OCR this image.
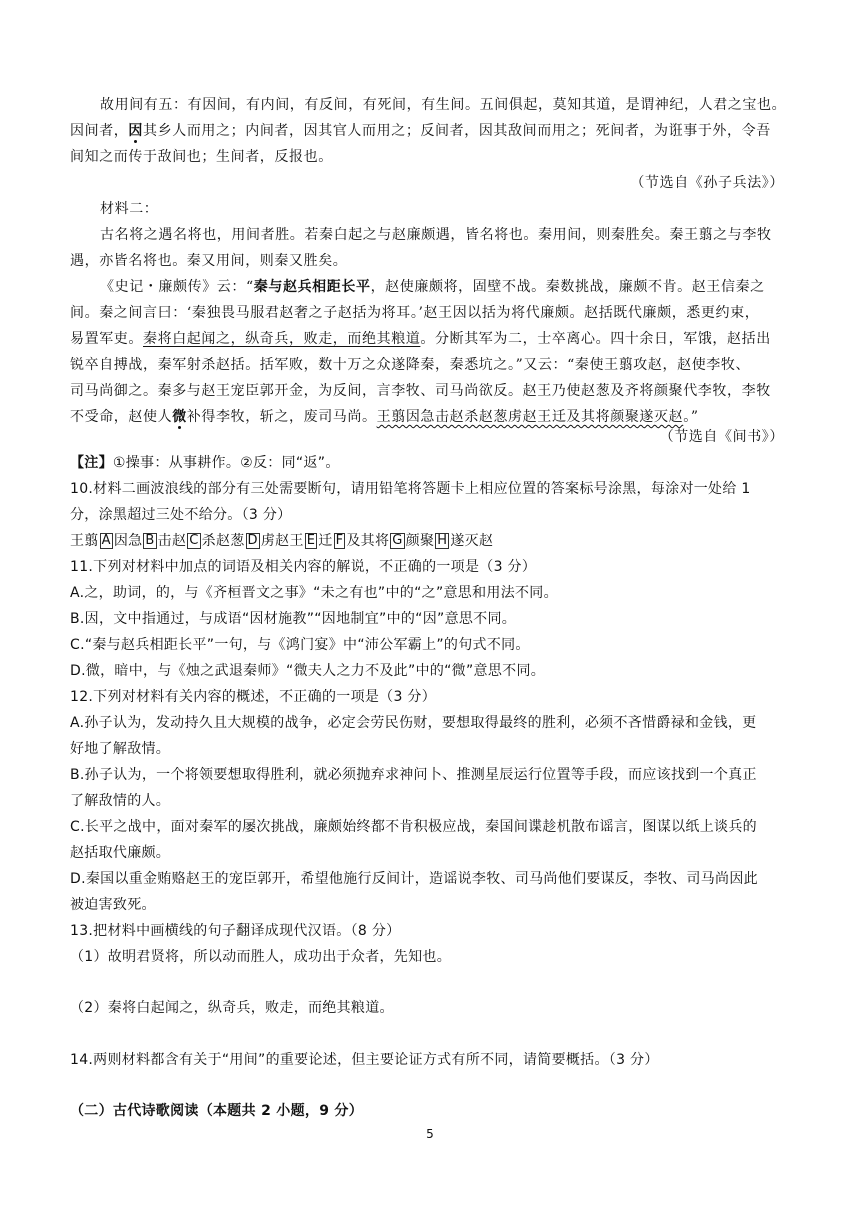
故用间有五：有因间，有内间，有反间，有死间，有生间。五间俱起，莫知其道，是谓神纪，人君之宝也。
因间者，因其乡人而用之；内间者，因其官人而用之；反间者，因其敌间而用之；死间者，为诳事于外，令吾
间知之而传于敌间也；生间者，反报也。
（节选自《孙子兵法》）
材料二：
古名将之遇名将也，用间者胜。若秦白起之与赵廉颇遇，皆名将也。秦用间，则秦胜矣。秦王翦之与李牧
遇，亦皆名将也。秦又用间，则秦又胜矣。
《史记・廉颇传》云：“秦与赵兵相距长平，赵使廉颇将，固壁不战。秦数挑战，廉颇不肯。赵王信秦之
间。秦之间言曰：‘秦独畏马服君赵奢之子赵括为将耳。’赵王因以括为将代廉颇。赵括既代廉颇，悉更约束，
易置军吏。秦将白起闻之，纵奇兵，败走，而绝其粮道。分断其军为二，士卒离心。四十余日，军饿，赵括出
锐卒自搏战，秦军射杀赵括。括军败，数十万之众遂降秦，秦悉坑之。”又云：“秦使王翦攻赵，赵使李牧、
司马尚御之。秦多与赵王宠臣郭开金，为反间，言李牧、司马尚欲反。赵王乃使赵葱及齐将颜聚代李牧，李牧
不受命，赵使人微补得李牧，斩之，废司马尚。王翦因急击赵杀赵葱虏赵王迁及其将颜聚遂灭赵。”
（节选自《间书》）
【注】①操事：从事耕作。②反：同“返”。
10.材料二画波浪线的部分有三处需要断句，请用铅笔将答题卡上相应位置的答案标号涂黑，每涂对一处给 1
分，涂黑超过三处不给分。（3 分）
王翦 A 因急 B 击赵 C 杀赵葱 D 虏赵王 E 迁 F 及其将 G 颜聚 H 遂灭赵
11.下列对材料中加点的词语及相关内容的解说，不正确的一项是（3 分）
A.之，助词，的，与《齐桓晋文之事》“未之有也”中的“之”意思和用法不同。
B.因，文中指通过，与成语“因材施教”“因地制宜”中的“因”意思不同。
C.“秦与赵兵相距长平”一句，与《鸿门宴》中“沛公军霸上”的句式不同。
D.微，暗中，与《烛之武退秦师》“微夫人之力不及此”中的“微”意思不同。
12.下列对材料有关内容的概述，不正确的一项是（3 分）
A.孙子认为，发动持久且大规模的战争，必定会劳民伤财，要想取得最终的胜利，必须不吝惜爵禄和金钱，更
好地了解敌情。
B.孙子认为，一个将领要想取得胜利，就必须抛弃求神问卜、推测星辰运行位置等手段，而应该找到一个真正
了解敌情的人。
C.长平之战中，面对秦军的屡次挑战，廉颇始终都不肯积极应战，秦国间谍趁机散布谣言，图谋以纸上谈兵的
赵括取代廉颇。
D.秦国以重金贿赂赵王的宠臣郭开，希望他施行反间计，造谣说李牧、司马尚他们要谋反，李牧、司马尚因此
被迫害致死。
13.把材料中画横线的句子翻译成现代汉语。（8 分）
（1）故明君贤将，所以动而胜人，成功出于众者，先知也。
（2）秦将白起闻之，纵奇兵，败走，而绝其粮道。
14.两则材料都含有关于“用间”的重要论述，但主要论证方式有所不同，请简要概括。（3 分）
（二）古代诗歌阅读（本题共 2 小题，9 分）
5
